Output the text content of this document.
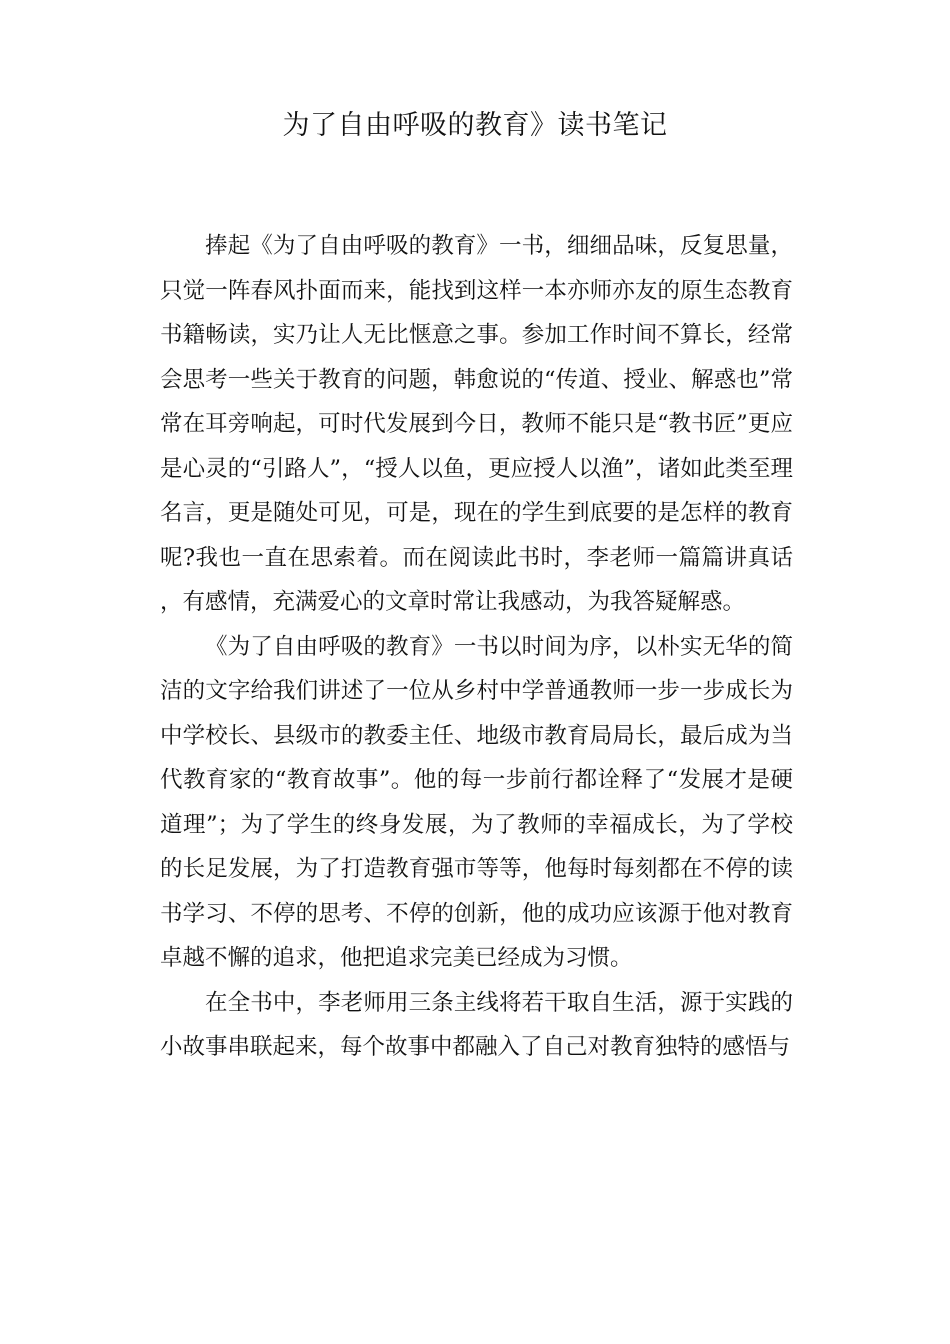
为了自由呼吸的教育》读书笔记

捧起《为了自由呼吸的教育》一书，细细品味，反复思量，只觉一阵春风扑面而来，能找到这样一本亦师亦友的原生态教育书籍畅读，实乃让人无比惬意之事。参加工作时间不算长，经常会思考一些关于教育的问题，韩愈说的“传道、授业、解惑也”常常在耳旁响起，可时代发展到今日，教师不能只是“教书匠”更应是心灵的“引路人”，“授人以鱼，更应授人以渔”，诸如此类至理名言，更是随处可见，可是，现在的学生到底要的是怎样的教育呢?我也一直在思索着。而在阅读此书时，李老师一篇篇讲真话，有感情，充满爱心的文章时常让我感动，为我答疑解惑。

《为了自由呼吸的教育》一书以时间为序，以朴实无华的简洁的文字给我们讲述了一位从乡村中学普通教师一步一步成长为中学校长、县级市的教委主任、地级市教育局局长，最后成为当代教育家的“教育故事”。他的每一步前行都诠释了“发展才是硬道理”；为了学生的终身发展，为了教师的幸福成长，为了学校的长足发展，为了打造教育强市等等，他每时每刻都在不停的读书学习、不停的思考、不停的创新，他的成功应该源于他对教育卓越不懈的追求，他把追求完美已经成为习惯。

在全书中，李老师用三条主线将若干取自生活，源于实践的小故事串联起来，每个故事中都融入了自己对教育独特的感悟与
